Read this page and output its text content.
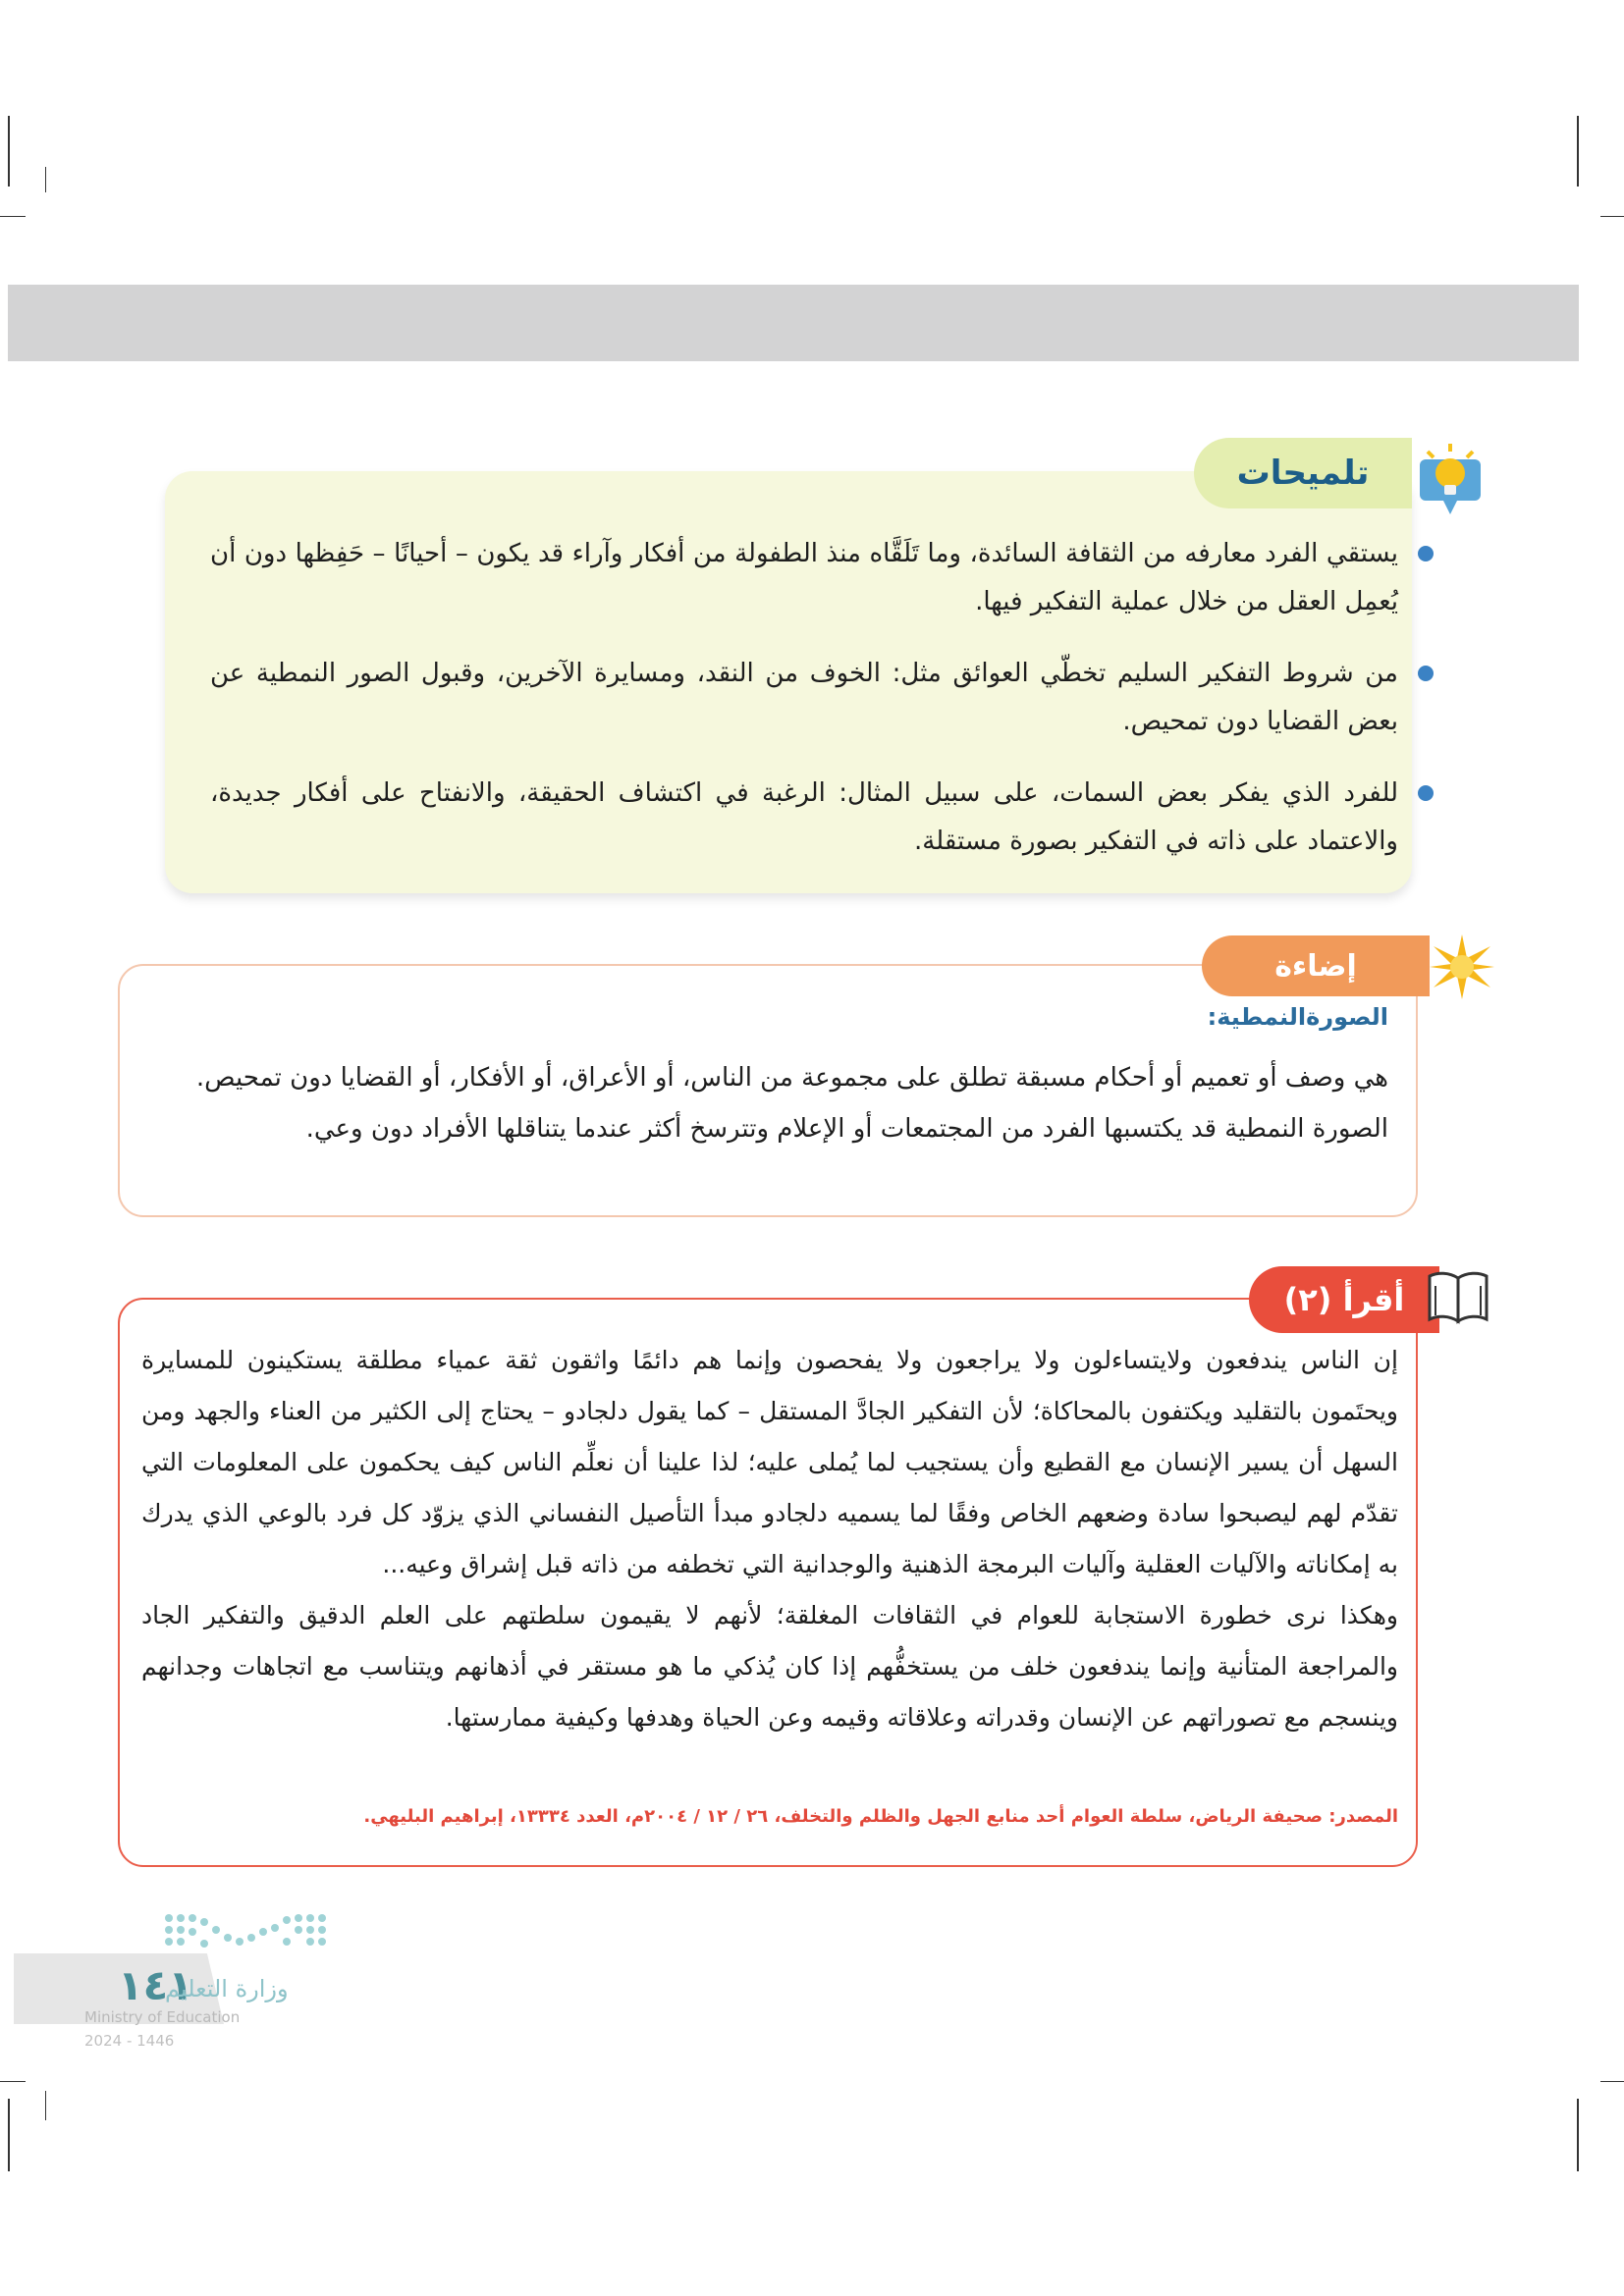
تلميحات
يستقي الفرد معارفه من الثقافة السائدة، وما تَلَقَّاه منذ الطفولة من أفكار وآراء قد يكون – أحيانًا – حَفِظها دون أن يُعمِل العقل من خلال عملية التفكير فيها.
من شروط التفكير السليم تخطّي العوائق مثل: الخوف من النقد، ومسايرة الآخرين، وقبول الصور النمطية عن بعض القضايا دون تمحيص.
للفرد الذي يفكر بعض السمات، على سبيل المثال: الرغبة في اكتشاف الحقيقة، والانفتاح على أفكار جديدة، والاعتماد على ذاته في التفكير بصورة مستقلة.
إضاءة
الصورةالنمطية:
هي وصف أو تعميم أو أحكام مسبقة تطلق على مجموعة من الناس، أو الأعراق، أو الأفكار، أو القضايا دون تمحيص.
الصورة النمطية قد يكتسبها الفرد من المجتمعات أو الإعلام وتترسخ أكثر عندما يتناقلها الأفراد دون وعي.
أقرأ (٢)

إن الناس يندفعون ولايتساءلون ولا يراجعون ولا يفحصون وإنما هم دائمًا واثقون ثقة عمياء مطلقة يستكينون للمسايرة ويحتَمون بالتقليد ويكتفون بالمحاكاة؛ لأن التفكير الجادَّ المستقل – كما يقول دلجادو – يحتاج إلى الكثير من العناء والجهد ومن السهل أن يسير الإنسان مع القطيع وأن يستجيب لما يُملى عليه؛ لذا علينا أن نعلِّم الناس كيف يحكمون على المعلومات التي تقدّم لهم ليصبحوا سادة وضعهم الخاص وفقًا لما يسميه دلجادو مبدأ التأصيل النفساني الذي يزوّد كل فرد بالوعي الذي يدرك به إمكاناته والآليات العقلية وآليات البرمجة الذهنية والوجدانية التي تخطفه من ذاته قبل إشراق وعيه...

وهكذا نرى خطورة الاستجابة للعوام في الثقافات المغلقة؛ لأنهم لا يقيمون سلطتهم على العلم الدقيق والتفكير الجاد والمراجعة المتأنية وإنما يندفعون خلف من يستخفُّهم إذا كان يُذكي ما هو مستقر في أذهانهم ويتناسب مع اتجاهات وجدانهم وينسجم مع تصوراتهم عن الإنسان وقدراته وعلاقاته وقيمه وعن الحياة وهدفها وكيفية ممارستها.

المصدر: صحيفة الرياض، سلطة العوام أحد منابع الجهل والظلم والتخلف، ٢٦ / ١٢ / ٢٠٠٤م، العدد ١٣٣٣٤، إبراهيم البليهي.
١٤١
وزارة التعليم
Ministry of Education
2024 - 1446
